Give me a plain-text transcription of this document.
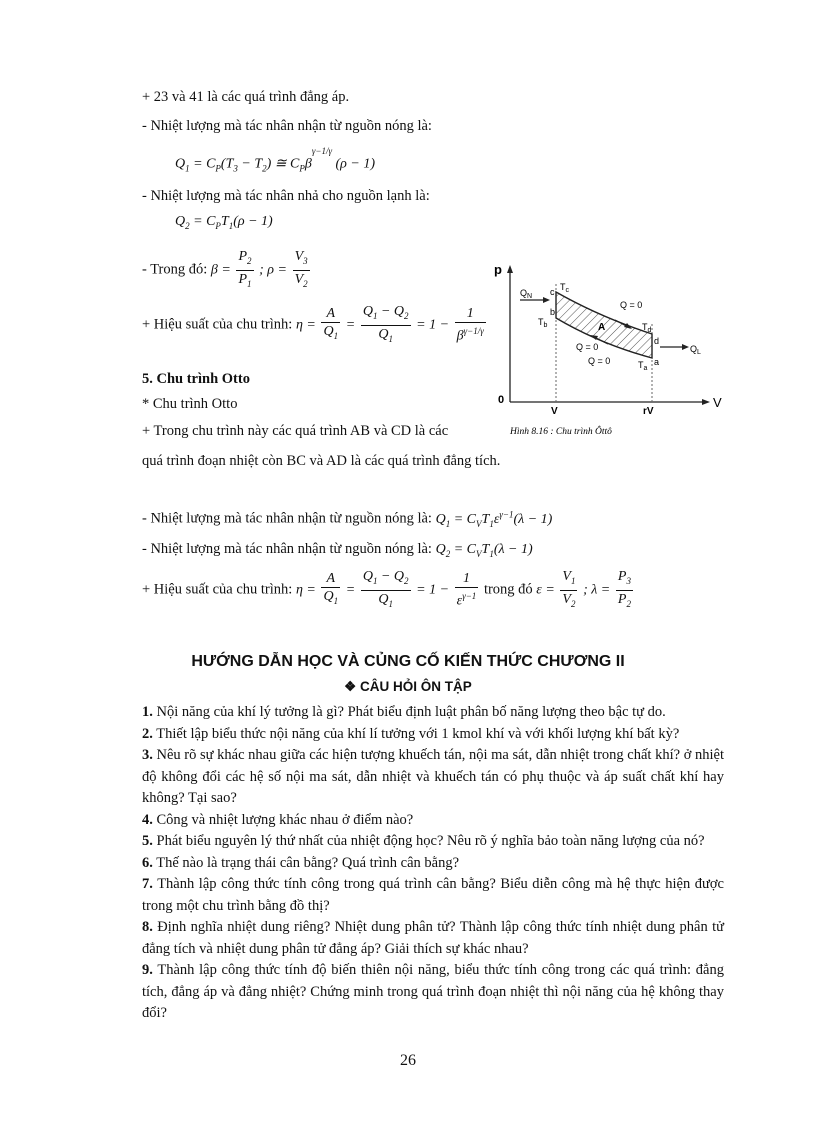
+ 23 và 41 là các quá trình đẳng áp.
- Nhiệt lượng mà tác nhân nhận từ nguồn nóng là:
$Q_1 = C_P(T_3 - T_2)$ ≅ $C_P\beta^{\gamma-1/\gamma}$ (ρ − 1)
- Nhiệt lượng mà tác nhân nhả cho nguồn lạnh là:
$Q_2 = C_PT_1(\rho - 1)$
- Trong đó: $\beta = \frac{P_2}{P_1}$ ; $\rho = \frac{V_3}{V_2}$
+ Hiệu suất của chu trình: $\eta = \frac{A}{Q_1} = \frac{Q_1 - Q_2}{Q_1} = 1 - \frac{1}{\beta^{\gamma-1/\gamma}}$
5. Chu trình Otto
* Chu trình Otto
+ Trong chu trình này các quá trình AB và CD là các
quá trình đoạn nhiệt còn BC và AD là các quá trình đẳng tích.
p
V
0
V	rV
$T_c$
c
b
$T_b$
$Q_N$
$T_d$
d
a
$T_a$
$Q_L$
Q = 0
Q = 0
Q = 0
A
Hình 8.16 : Chu trình Ôttô
- Nhiệt lượng mà tác nhân nhận từ nguồn nóng là: $Q_1 = C_VT_1\varepsilon^{\gamma-1}(\lambda - 1)$
- Nhiệt lượng mà tác nhân nhận từ nguồn nóng là: $Q_2 = C_VT_1(\lambda - 1)$
+ Hiệu suất của chu trình: $\eta = \frac{A}{Q_1} = \frac{Q_1 - Q_2}{Q_1} = 1 - \frac{1}{\varepsilon^{\gamma-1}}$ trong đó $\varepsilon = \frac{V_1}{V_2}$ ; $\lambda = \frac{P_3}{P_2}$
HƯỚNG DẪN HỌC VÀ CỦNG CỐ KIẾN THỨC CHƯƠNG II
❖ CÂU HỎI ÔN TẬP
1. Nội năng của khí lý tưởng là gì? Phát biểu định luật phân bố năng lượng theo bậc tự do.
2. Thiết lập biểu thức nội năng của khí lí tưởng với 1 kmol khí và với khối lượng khí bất kỳ?
3. Nêu rõ sự khác nhau giữa các hiện tượng khuếch tán, nội ma sát, dẫn nhiệt trong chất khí? ở nhiệt độ không đổi các hệ số nội ma sát, dẫn nhiệt và khuếch tán có phụ thuộc và áp suất chất khí hay không? Tại sao?
4. Công và nhiệt lượng khác nhau ở điểm nào?
5. Phát biểu nguyên lý thứ nhất của nhiệt động học? Nêu rõ ý nghĩa bảo toàn năng lượng của nó?
6. Thế nào là trạng thái cân bằng? Quá trình cân bằng?
7. Thành lập công thức tính công trong quá trình cân bằng? Biểu diễn công mà hệ thực hiện được trong một chu trình bằng đồ thị?
8. Định nghĩa nhiệt dung riêng? Nhiệt dung phân tử? Thành lập công thức tính nhiệt dung phân tử đẳng tích và nhiệt dung phân tử đẳng áp? Giải thích sự khác nhau?
9. Thành lập công thức tính độ biến thiên nội năng, biểu thức tính công trong các quá trình: đẳng tích, đẳng áp và đẳng nhiệt? Chứng minh trong quá trình đoạn nhiệt thì nội năng của hệ không thay đổi?
26
